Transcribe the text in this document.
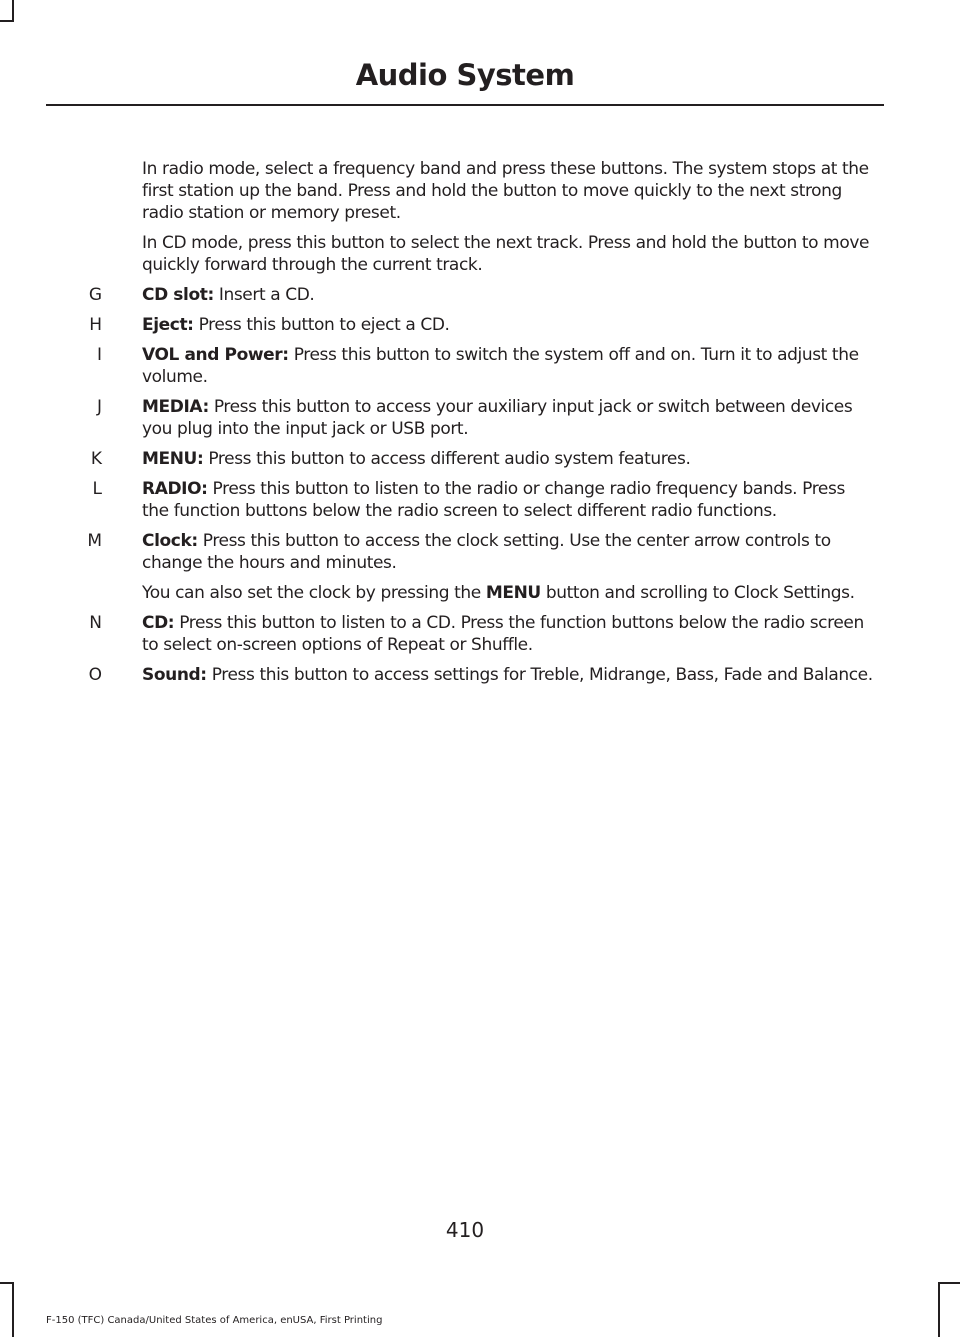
Audio System
In radio mode, select a frequency band and press these buttons. The system stops at the first station up the band. Press and hold the button to move quickly to the next strong radio station or memory preset.
In CD mode, press this button to select the next track. Press and hold the button to move quickly forward through the current track.
G CD slot: Insert a CD.
H Eject: Press this button to eject a CD.
I VOL and Power: Press this button to switch the system off and on. Turn it to adjust the volume.
J MEDIA: Press this button to access your auxiliary input jack or switch between devices you plug into the input jack or USB port.
K MENU: Press this button to access different audio system features.
L RADIO: Press this button to listen to the radio or change radio frequency bands. Press the function buttons below the radio screen to select different radio functions.
M Clock: Press this button to access the clock setting. Use the center arrow controls to change the hours and minutes.
You can also set the clock by pressing the MENU button and scrolling to Clock Settings.
N CD: Press this button to listen to a CD. Press the function buttons below the radio screen to select on-screen options of Repeat or Shuffle.
O Sound: Press this button to access settings for Treble, Midrange, Bass, Fade and Balance.
410
F-150 (TFC) Canada/United States of America, enUSA, First Printing
